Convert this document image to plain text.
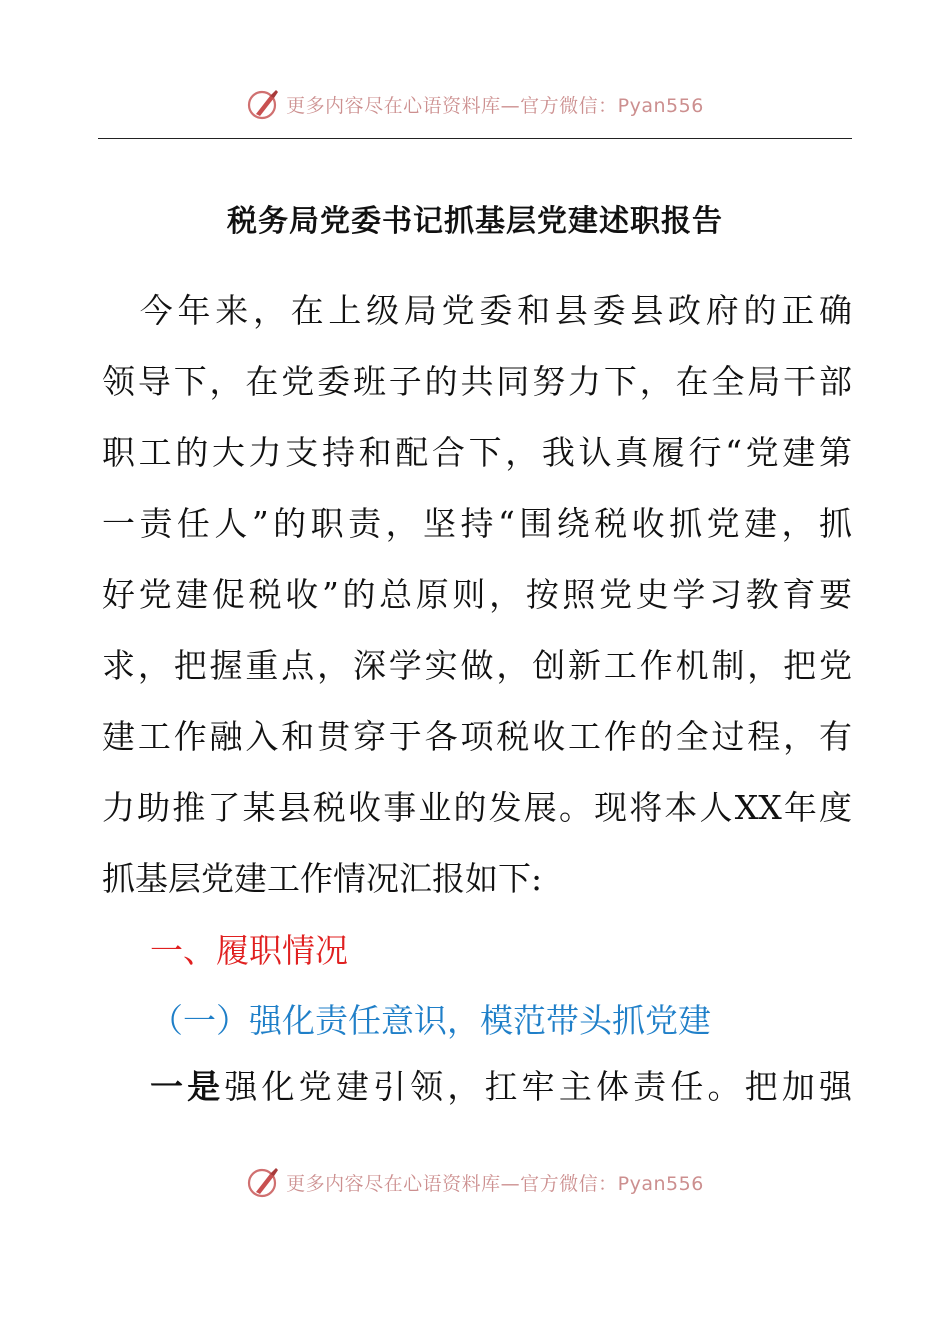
更多内容尽在心语资料库—官方微信：Pyan556
税务局党委书记抓基层党建述职报告
　今年来，在上级局党委和县委县政府的正确
领导下，在党委班子的共同努力下，在全局干部
职工的大力支持和配合下，我认真履行“党建第
一责任人”的职责，坚持“围绕税收抓党建，抓
好党建促税收”的总原则，按照党史学习教育要
求，把握重点，深学实做，创新工作机制，把党
建工作融入和贯穿于各项税收工作的全过程，有
力助推了某县税收事业的发展。现将本人XX年度
抓基层党建工作情况汇报如下:
一、履职情况
（一）强化责任意识，模范带头抓党建
一是强化党建引领，扛牢主体责任。把加强
更多内容尽在心语资料库—官方微信：Pyan556
